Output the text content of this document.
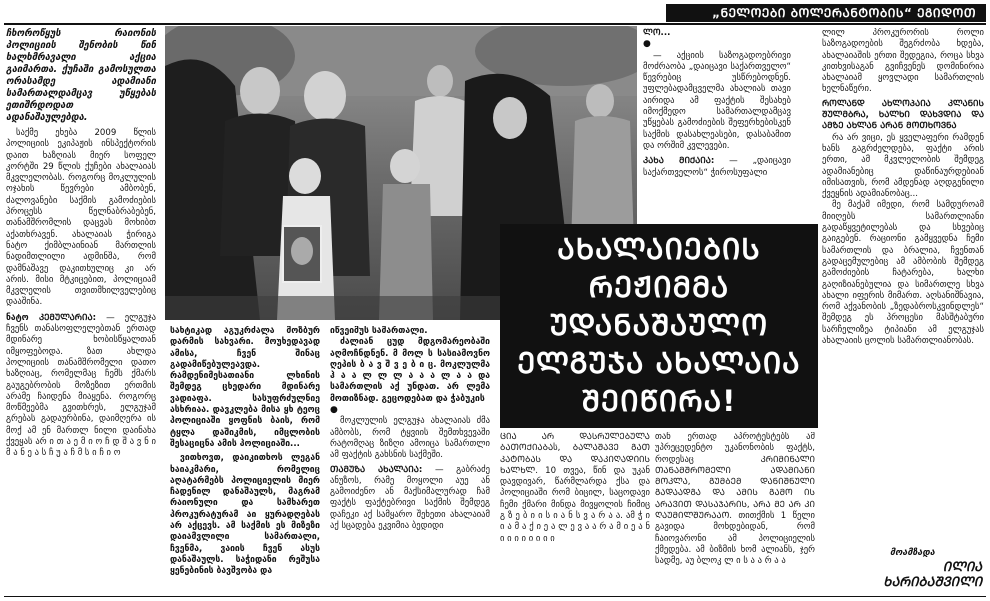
„ᲜᲔᲚᲝᲔᲑᲘ ᲑᲝᲚᲔᲠᲐᲜᲢᲝᲑᲘᲡ“ ᲔᲒᲘᲓᲝᲗ

ჩხოროწყუს რაიონის პოლიციის შენობის წინ ხალხმრავალი აქცია გაიმართა. ქუჩაში გამოსულთა ორასამდე ადამიანი სამართალდამცავ უწყებას ეთიშრდოდათ ადანაშაულებდა.

საქმე ეხება 2009 წლის პოლიციის ეკიპაჟის ინსპექტორის დაით ხაზღიას მიერ სოფელ კორტში 29 წლის ქუჩები ახალაიას მკვლელობას. როგორც მოკლულის ოჯახის წევრები ამბობენ, ძალოვანები საქმის გამოძიების პროცესს წელნაბრაბებენ, თანამშრომლის დაცვას მოხიბთ აქათხრავენ. ახალაიას ჭირიგა ნატო ქიმბლაინიან მართლის ნადიმთლილი ადმინშა, რომ დამნაშავე დაკითხულიც კი არ არის. მისი მტკიცებით, პოლიციამ მკვლელის თვითმხილველებიც დააშინა.

ნატო ᲙᲔᲛᲣᲚᲐᲠᲘᲐ: — ელგუჯა ჩვენს თანასოფლელებთან ერთად მდინარე ხობისწყალთან იმყოფებოდა. ზათ ახლდა პოლიციის თანამშრომელი დათო ხაზღიაც, რომელმაც ჩემს ქმარს გაუგებრობის მოზეზით ერთმის არამე ჩაიდენა მიაყენა. როგორც მოწმეებმა გვითხრეს, ელგუჯამ გრებას გადაურბინა, დაიმღერა ის მოქ ამ ენ მართლ ნილი დაინახა ქვეყას არ ი თ ა ე მ ი ო ჩ დ შ ა ვ ნ ი მ ა ნ ე ა ს ჩ უ ა ჩ მ ს ი ჩ ი ო

ᲚᲝ...

●

— აქციის საზოგადოებრივი მოძრაობა „დაიცავი საქართველო“ წევრებიც უსწრებოდნენ. უფლებადამცველმა ახალიას თავი აირიდა ამ ფაქტის შესახებ იმოქმედო სამართალდამცავ უწყებას გამოძიების შეფერხებისკენ საქმის დასახლეასები, დასაბამით და ორშიმ კვლევები.

ᲙᲐᲮᲐ ᲛᲘᲥᲐᲘᲐ: — „დაიცავი საქართველოს“ ჭიროსუფალი

ლილ პროკურორის როლი საზოგადოების შეგრძობა ხდება, ახალაიაშის ერთი შედეგია, როცა სხვა კითხვისაგან გვიჩვენეს დომინირია ახალაიამ ყოვლადი სამართლის ხელნაწერი.

ᲠᲝᲚᲐᲜᲓ ᲐᲮᲚᲝᲞᲐᲘᲐ ᲙᲚᲐᲜᲘᲡ ᲨᲣᲚᲛᲑᲠᲐ, ᲮᲐᲚᲮᲘ ᲓᲐᲮᲕᲓᲘᲐ ᲓᲐ ᲐᲛᲖᲔ ᲐᲮᲚᲐᲜ ᲐᲠᲐᲜ ᲛᲝᲗᲮᲝᲕᲜᲐ

რა არ ვიცი, ეს ყველაფერი რამდენ ხანს გაგრძელდება, ფაქტი არის ერთი, ამ მკვლელობის შემდეგ ადამიანებიც დაწინაურდებიან იმისათვის, რომ ამდენად აღდგენილი ქვეყნის ადამიანობაც...

მე მაქამ იმედი, რომ სამდუროამ მიიღებს სამართლიანი გადაწყვეტილებას და სხვებიც გაიგებენ. რაციონი გამყვედნა ჩემი სამართლის და ბრალია, ჩვენთან გადაცემულებიც ამ ამბობის შემდეგ გამოძიების ჩატარება, ხალხი გაღიზიანებულია და სიმართლე სხვა ახალი იფერის მიმართ. აღსანიშნავია, რომ აქვანობის „ზედაბროსკვინდლეს“ შემდეგ ეს პროცესი მასშტაბური სარჩელიზეა ტიპიანი ამ ელგუჯას ახალაიის ცოლის სამართლიანობას.

მოამზადა
ᲘᲚᲘᲐ ᲮᲐᲠᲘᲑᲐᲨᲕᲘᲚᲘ
ᲐᲮᲐᲚᲐᲘᲔᲑᲘᲡ
ᲠᲔᲟᲘᲛᲛᲐ
ᲣᲓᲐᲜᲐᲨᲐᲣᲚᲝ
ᲔᲚᲒᲣᲯᲐ ᲐᲮᲐᲚᲐᲘᲐ
ᲨᲔᲘᲬᲘᲠᲐ!

სახტიკად აგუკრძალა მოზბურ დარმის სახვარი. მოუხედავად ამისა, ჩვენ შინაც გადამიწებულეავდა. რამდენიმესათიანი ლხინის შემდეგ ცხედარი მდინარე ვადიაფა. სასუფრძულნიე ასხრიაა. დავკლება მისა ყხ ტეოც პოლიციაში ყოფნის ბაის, რომ ტყლა დაშიკმის, იმცლობის შესაციცნა ამის პოლიციაში...

ვითხოვთ, დაიკითხოს ლეგან ხაიაკმარი, რომელიც აღატარმებს პოლიციელის მიერ ჩადენილ დანაშაულს, მაგრამ რაიონული და სამხარეთ პროკურატურამ აი ყურადღებას არ აქცევს. ამ საქმის ეს მიზეზი დაიამვლილი სამართალი, ჩვენმა, ვაიის ჩვენ ასუს დანაშაულს. საჭიდანი რეშუსა ყენებინის ბავშვობა და

იწვეიმუს სამართალი.

ძალიან ცუდ მდგომარეობაში აღმოჩნდნენ. მ მოლ ს სასიამოვნო ღეპის ბ ა ვ შ ვ ე ბ ი ც. მოკლულმა ჰ ა ა ლ ლ ლ ა ა ა ლ ა ა და სამართლის აქ უნდათ. არ ლემა მოთიზნად. გეცოდებათ და ჭაბუკის

●

მოკლულის ელგუჯა ახალაიას ძმა ამბობს, რომ ტყვიის შემთხვევაში რატომღაც ზიზღი ამოიცა სამართლი ამ ფაქტის გახსნის საქმეში.

ᲗᲐᲛᲣᲖᲐ ᲐᲮᲐᲚᲐᲘᲐ: — გაბრაძე ანუზოს, რამე მოყოლი აუე ან გამოიძენო ან მაქსიმალურად ჩამ ფაქტს ფაქტებრივი საქმის შემდეგ დაჩეკი აქ სამყარო შეხეთი ახალაიამ აქ სცადება ეკვიმია ბედიდი

ᲪᲘᲐ ᲐᲠ ᲓᲐᲡᲠᲣᲚᲔᲑᲣᲚᲐ ᲑᲐᲗᲝᲥᲘᲐᲑᲐს, ᲑᲐᲚᲐᲨᲐᲕᲔ ᲒᲐᲗ ᲙᲐᲢᲝᲑᲐᲡ ᲓᲐ ᲓᲐᲙᲘᲦᲐᲓᲘᲘᲡ ᲮᲐᲚᲮᲚ. 10 თვეა, წინ და უკან დავდივარ, წარმლარდა ქსა და პოლიციაში რომ ბიცილ, საცოდავი ჩემი ქმარი მინდა მივყოლის ჩიმიც გ ზ ე ბ ი ი ს ი ა ნ ს ვ ა რ ა ა. ამ ჭ ი ი ა მ ა ქ ი ე ა ლ ე ვ ა ა რ ა მ ი ე ა ნ ი ი ი ი ი ი ი ი

თან ერთად აპროტესტებს ამ უპრეცედენტო უკანონობის ფაქტს, როდესაც ᲙᲠᲘᲛᲘᲜᲐᲚᲘ ᲗᲐᲜᲐᲛᲨᲠᲝᲛᲔᲚᲘ ᲐᲓᲐᲛᲘᲐᲜᲘ ᲛᲝᲙᲚᲐ, ᲒᲣᲛᲑᲔᲛ ᲓᲐᲜᲘᲨᲜᲣᲚᲘ ᲒᲐᲓᲐᲐᲓᲒᲐ ᲓᲐ ᲐᲛᲘᲡ ᲒᲐᲛᲝ ᲘᲡ ᲐᲠᲐᲕᲘᲗ ᲓᲐᲡᲐᲯᲐᲠᲘᲡ, ᲐᲠᲐ ᲛᲔ ᲐᲠ ᲙᲘ ᲦᲐᲣᲛᲘᲚᲨᲣᲠᲐᲐᲝ. თითქმის 1 წელი გავიდა მოხდებიდან, რომ ჩაიოვარონი ამ პოლიციელის ქმედება. ამ ბიზმის ხომ ალიანს, ჯერ სადმე, აუ ბლოკ ლ ი ს ა ა რ ა ა
